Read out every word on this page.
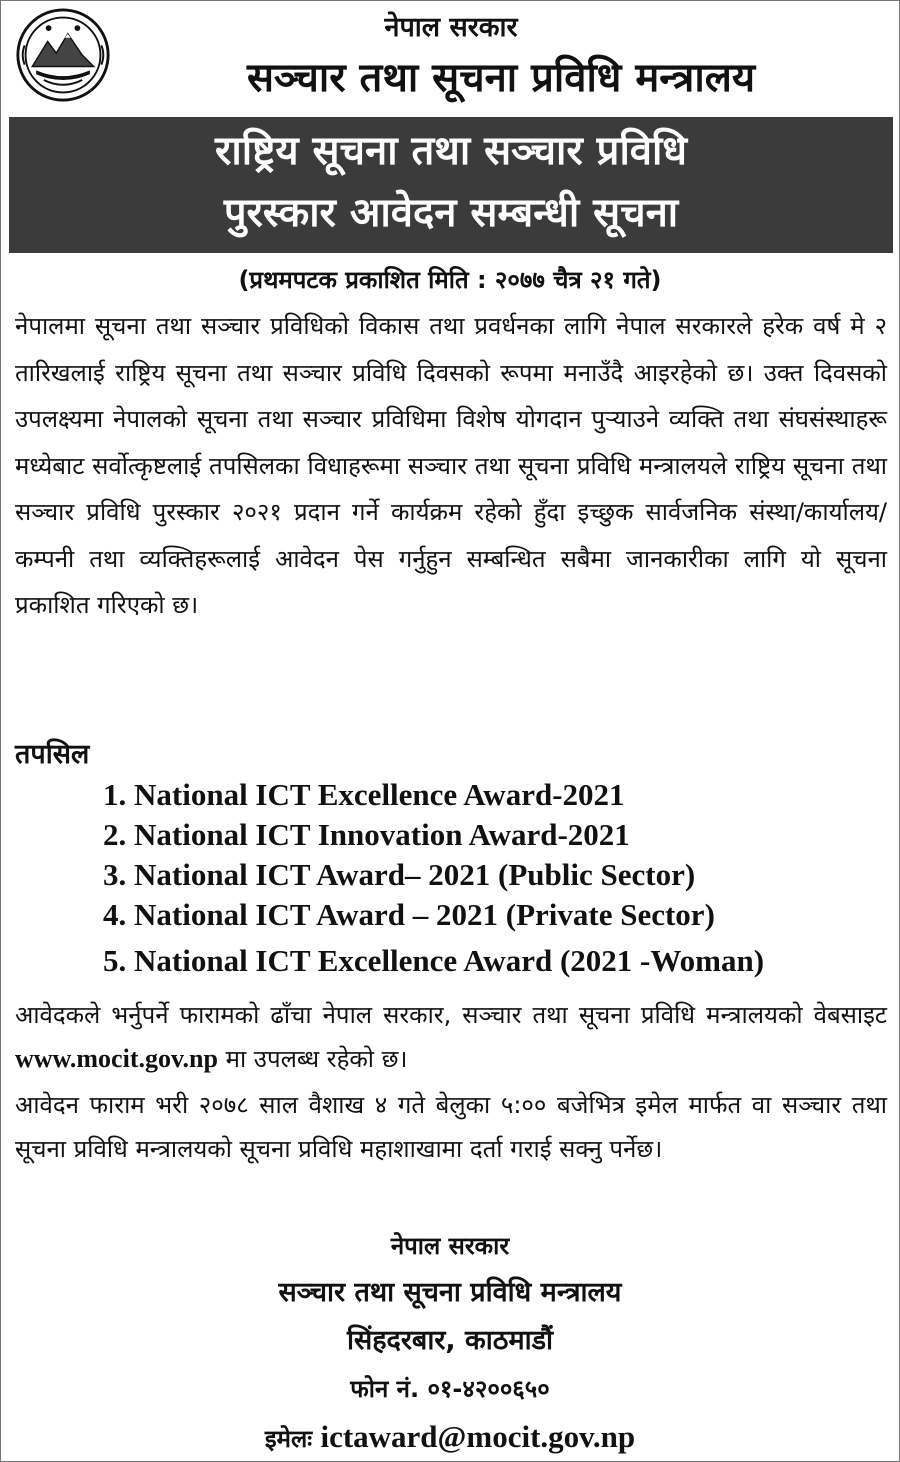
नेपाल सरकार
सञ्चार तथा सूचना प्रविधि मन्त्रालय
राष्ट्रिय सूचना तथा सञ्चार प्रविधि
पुरस्कार आवेदन सम्बन्धी सूचना
(प्रथमपटक प्रकाशित मिति : २०७७ चैत्र २१ गते)

नेपालमा सूचना तथा सञ्चार प्रविधिको विकास तथा प्रवर्धनका लागि नेपाल सरकारले हरेक वर्ष मे २ तारिखलाई राष्ट्रिय सूचना तथा सञ्चार प्रविधि दिवसको रूपमा मनाउँदै आइरहेको छ। उक्त दिवसको उपलक्ष्यमा नेपालको सूचना तथा सञ्चार प्रविधिमा विशेष योगदान पुऱ्याउने व्यक्ति तथा संघसंस्थाहरू मध्येबाट सर्वोत्कृष्टलाई तपसिलका विधाहरूमा सञ्चार तथा सूचना प्रविधि मन्त्रालयले राष्ट्रिय सूचना तथा सञ्चार प्रविधि पुरस्कार २०२१ प्रदान गर्ने कार्यक्रम रहेको हुँदा इच्छुक सार्वजनिक संस्था/कार्यालय/कम्पनी तथा व्यक्तिहरूलाई आवेदन पेस गर्नुहुन सम्बन्धित सबैमा जानकारीका लागि यो सूचना प्रकाशित गरिएको छ।

तपसिल
1. National ICT Excellence Award-2021
2. National ICT Innovation Award-2021
3. National ICT Award– 2021 (Public Sector)
4. National ICT Award – 2021 (Private Sector)
5. National ICT Excellence Award (2021 -Woman)

आवेदकले भर्नुपर्ने फारामको ढाँचा नेपाल सरकार, सञ्चार तथा सूचना प्रविधि मन्त्रालयको वेबसाइट www.mocit.gov.np मा उपलब्ध रहेको छ।

आवेदन फाराम भरी २०७८ साल वैशाख ४ गते बेलुका ५:०० बजेभित्र इमेल मार्फत वा सञ्चार तथा सूचना प्रविधि मन्त्रालयको सूचना प्रविधि महाशाखामा दर्ता गराई सक्नु पर्नेछ।

नेपाल सरकार
सञ्चार तथा सूचना प्रविधि मन्त्रालय
सिंहदरबार, काठमाडौं
फोन नं. ०१-४२००६५०
इमेलः ictaward@mocit.gov.np
